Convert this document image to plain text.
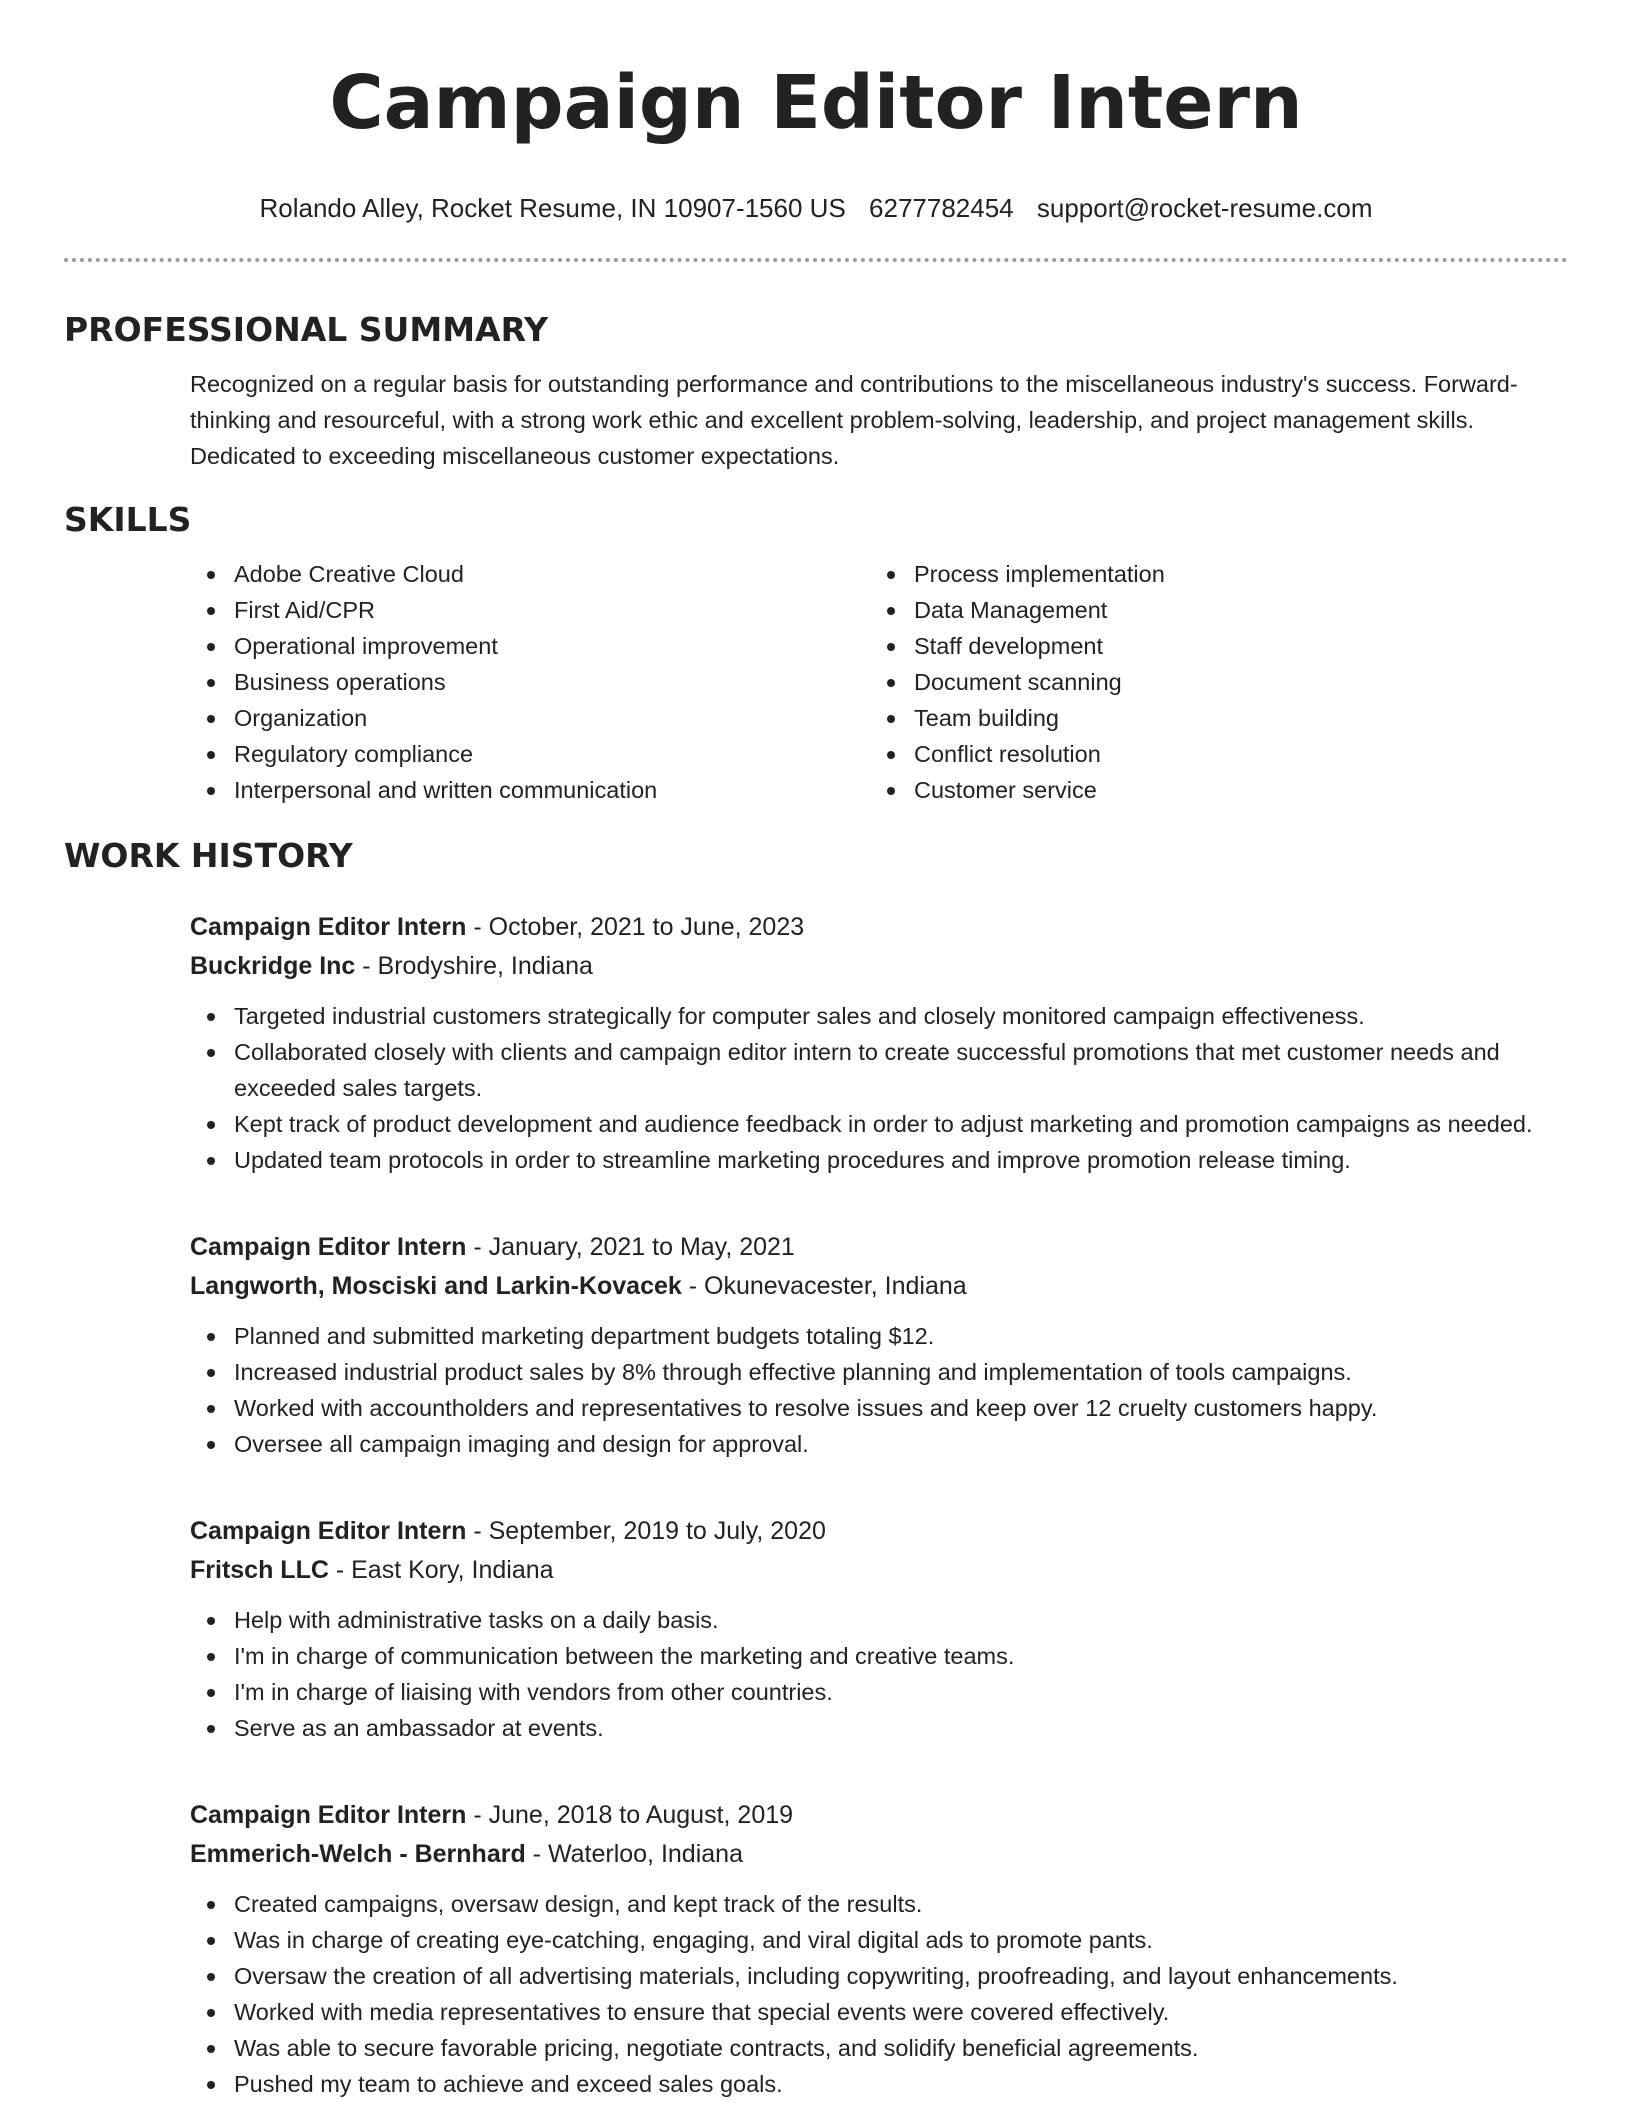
Campaign Editor Intern
Rolando Alley, Rocket Resume, IN 10907-1560 US 6277782454 support@rocket-resume.com
PROFESSIONAL SUMMARY
Recognized on a regular basis for outstanding performance and contributions to the miscellaneous industry's success. Forward-thinking and resourceful, with a strong work ethic and excellent problem-solving, leadership, and project management skills. Dedicated to exceeding miscellaneous customer expectations.
SKILLS
Adobe Creative Cloud
First Aid/CPR
Operational improvement
Business operations
Organization
Regulatory compliance
Interpersonal and written communication
Process implementation
Data Management
Staff development
Document scanning
Team building
Conflict resolution
Customer service
WORK HISTORY
Campaign Editor Intern - October, 2021 to June, 2023
Buckridge Inc - Brodyshire, Indiana
Targeted industrial customers strategically for computer sales and closely monitored campaign effectiveness.
Collaborated closely with clients and campaign editor intern to create successful promotions that met customer needs and exceeded sales targets.
Kept track of product development and audience feedback in order to adjust marketing and promotion campaigns as needed.
Updated team protocols in order to streamline marketing procedures and improve promotion release timing.
Campaign Editor Intern - January, 2021 to May, 2021
Langworth, Mosciski and Larkin-Kovacek - Okunevacester, Indiana
Planned and submitted marketing department budgets totaling $12.
Increased industrial product sales by 8% through effective planning and implementation of tools campaigns.
Worked with accountholders and representatives to resolve issues and keep over 12 cruelty customers happy.
Oversee all campaign imaging and design for approval.
Campaign Editor Intern - September, 2019 to July, 2020
Fritsch LLC - East Kory, Indiana
Help with administrative tasks on a daily basis.
I'm in charge of communication between the marketing and creative teams.
I'm in charge of liaising with vendors from other countries.
Serve as an ambassador at events.
Campaign Editor Intern - June, 2018 to August, 2019
Emmerich-Welch - Bernhard - Waterloo, Indiana
Created campaigns, oversaw design, and kept track of the results.
Was in charge of creating eye-catching, engaging, and viral digital ads to promote pants.
Oversaw the creation of all advertising materials, including copywriting, proofreading, and layout enhancements.
Worked with media representatives to ensure that special events were covered effectively.
Was able to secure favorable pricing, negotiate contracts, and solidify beneficial agreements.
Pushed my team to achieve and exceed sales goals.
